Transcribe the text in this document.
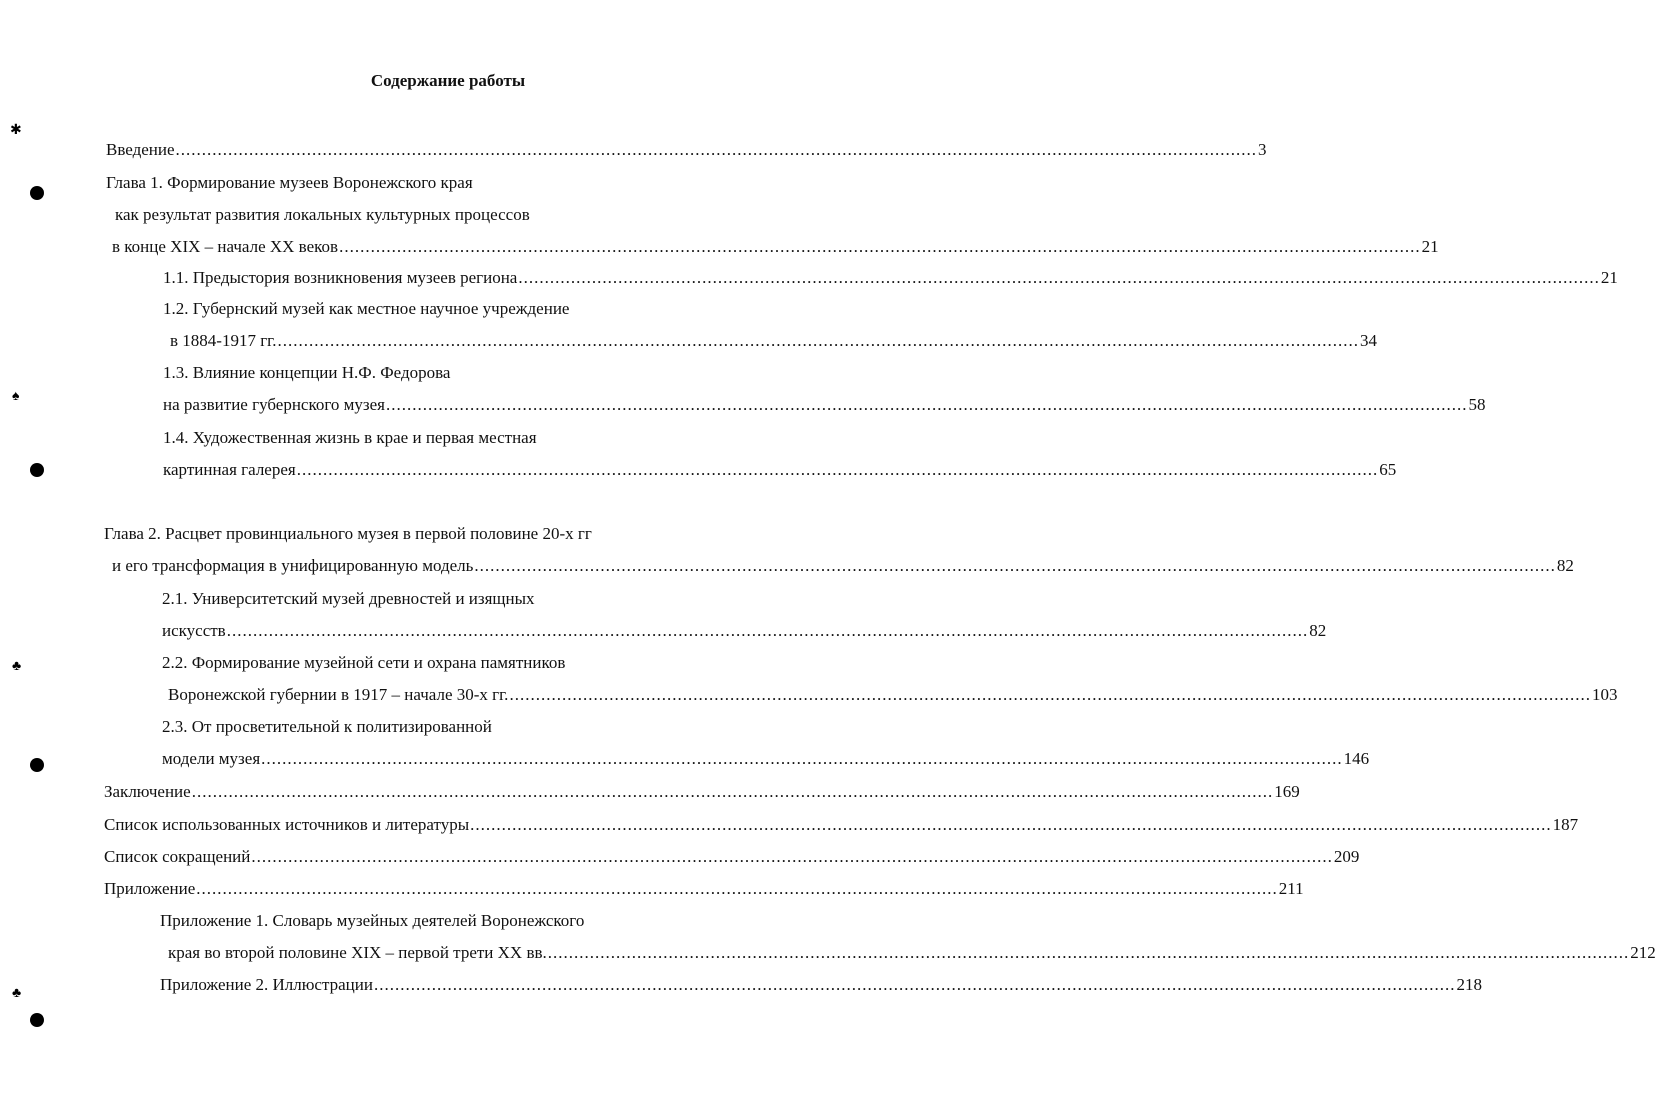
Содержание работы
Введение .............................................................................................................................................................................................................. 3
Глава 1. Формирование музеев Воронежского края
как результат развития локальных культурных процессов
в конце XIX – начале XX веков .............................................................................................................................................................................................................. 21
1.1. Предыстория возникновения музеев региона .............................................................................................................................................................................................................. 21
1.2. Губернский музей как местное научное учреждение
в 1884-1917 гг. .............................................................................................................................................................................................................. 34
1.3. Влияние концепции Н.Ф. Федорова
на развитие губернского музея .............................................................................................................................................................................................................. 58
1.4. Художественная жизнь в крае и первая местная
картинная галерея .............................................................................................................................................................................................................. 65
Глава 2. Расцвет провинциального музея в первой половине 20-х гг
и его трансформация в унифицированную модель .............................................................................................................................................................................................................. 82
2.1. Университетский музей древностей и изящных
искусств .............................................................................................................................................................................................................. 82
2.2. Формирование музейной сети и охрана памятников
Воронежской губернии в 1917 – начале 30-х гг. .............................................................................................................................................................................................................. 103
2.3. От просветительной к политизированной
модели музея .............................................................................................................................................................................................................. 146
Заключение .............................................................................................................................................................................................................. 169
Список использованных источников и литературы .............................................................................................................................................................................................................. 187
Список сокращений .............................................................................................................................................................................................................. 209
Приложение .............................................................................................................................................................................................................. 211
Приложение 1. Словарь музейных деятелей Воронежского
края во второй половине XIX – первой трети XX вв. .............................................................................................................................................................................................................. 212
Приложение 2. Иллюстрации .............................................................................................................................................................................................................. 218
✱
♠
♣
♣
